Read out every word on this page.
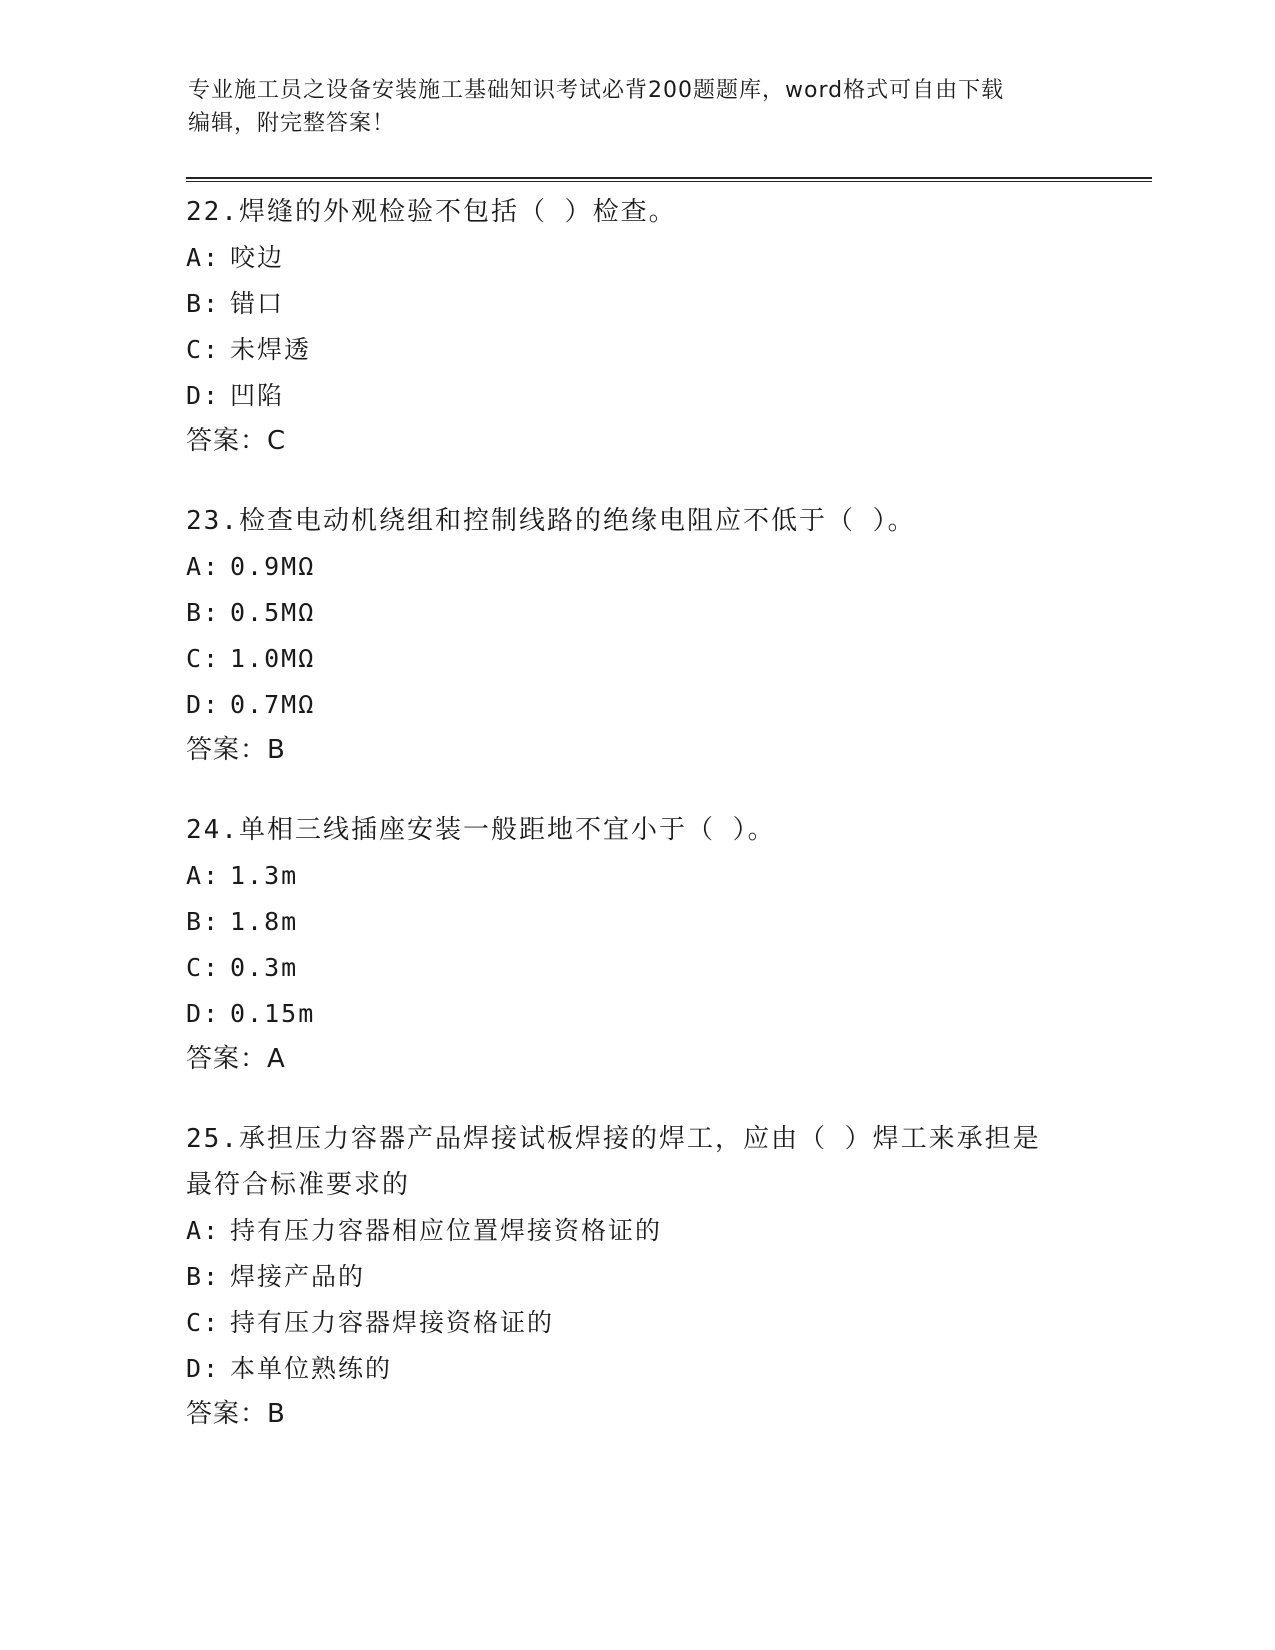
专业施工员之设备安装施工基础知识考试必背200题题库，word格式可自由下载
编辑，附完整答案！
22.焊缝的外观检验不包括（ ）检查。
A: 咬边
B: 错口
C: 未焊透
D: 凹陷
答案：C
23.检查电动机绕组和控制线路的绝缘电阻应不低于（ ）。
A: 0.9MΩ
B: 0.5MΩ
C: 1.0MΩ
D: 0.7MΩ
答案：B
24.单相三线插座安装一般距地不宜小于（ ）。
A: 1.3m
B: 1.8m
C: 0.3m
D: 0.15m
答案：A
25.承担压力容器产品焊接试板焊接的焊工，应由（ ）焊工来承担是
最符合标准要求的
A: 持有压力容器相应位置焊接资格证的
B: 焊接产品的
C: 持有压力容器焊接资格证的
D: 本单位熟练的
答案：B
